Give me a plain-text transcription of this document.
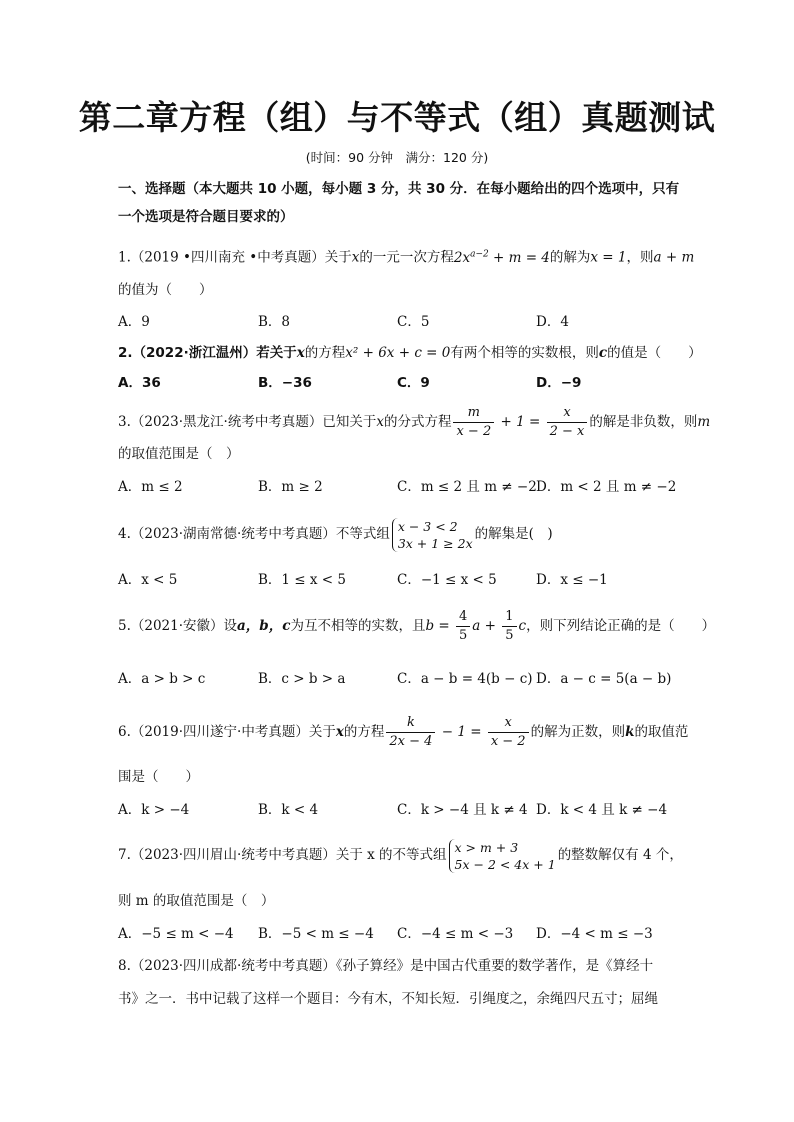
第二章方程（组）与不等式（组）真题测试
(时间：90 分钟　满分：120 分)
一、选择题（本大题共 10 小题，每小题 3 分，共 30 分．在每小题给出的四个选项中，只有
一个选项是符合题目要求的）
1.（2019 •四川南充 •中考真题）关于x的一元一次方程$2x^{a-2} + m = 4$的解为x = 1，则a + m
的值为（　　）
A．9	B．8	C．5	D．4
2.（2022·浙江温州）若关于x的方程x² + 6x + c = 0有两个相等的实数根，则c的值是（　　）
A．36	B．−36	C．9	D．−9
3.（2023·黑龙江·统考中考真题）已知关于x的分式方程 $\frac{m}{x - 2} + 1 = \frac{x}{2 - x}$ 的解是非负数，则m
的取值范围是（　）
A．m ≤ 2	B．m ≥ 2	C．m ≤ 2 且 m ≠ −2 D．m < 2 且 m ≠ −2
4.（2023·湖南常德·统考中考真题）不等式组 x − 3 < 2
3x + 1 ≥ 2x
的解集是(　)
A．x < 5	B．1 ≤ x < 5	C．−1 ≤ x < 5	D．x ≤ −1
5.（2021·安徽）设a，b，c为互不相等的实数，且$b = \frac{4}{5}$ $a + \frac{1}{5}$ c，则下列结论正确的是（　　）
A．a > b > c	B．c > b > a	C．a − b = 4(b − c) D．a − c = 5(a − b)
6.（2019·四川遂宁·中考真题）关于x的方程 $\frac{k}{2x - 4} - 1 = \frac{x}{x - 2}$ 的解为正数，则k的取值范
围是（　　）
A．k > −4	B．k < 4	C．k > −4 且 k ≠ 4 D．k < 4 且 k ≠ −4
7.（2023·四川眉山·统考中考真题）关于 x 的不等式组 x > m + 3
5x − 2 < 4x + 1
的整数解仅有 4 个，
则 m 的取值范围是（　）
A．−5 ≤ m < −4 B．−5 < m ≤ −4 C．−4 ≤ m < −3 D．−4 < m ≤ −3
8.（2023·四川成都·统考中考真题）《孙子算经》是中国古代重要的数学著作，是《算经十
书》之一．书中记载了这样一个题目：今有木，不知长短．引绳度之，余绳四尺五寸；屈绳
